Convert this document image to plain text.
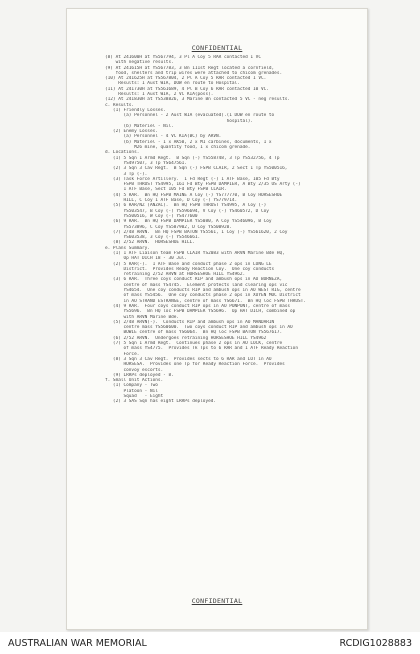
CONFIDENTIAL
(8) At 241600H at YS567794, 3 Pl A Coy 5 RAR contacted 1 VC
with negative results.
(9) At 241615H at YS567783, 3 Bn 111st Regt located a cornfield,
food, shelters and trip wires were attached to chicom grenades.
(10) At 241625H at YS567804, 2 Pl A Coy 5 RAR contacted 1 VC.
Results: 1 Aust WIA, DOW en route to Hospital.
(11) At 241730H at YS561689, 4 Pl B Coy 6 RAR contacted 10 VC.
Results: 1 Aust WIA, 2 VC KIA(poss).
(12) At 241830H at YS538826, 3 Marine Bn contacted 5 VC - neg results.
c. Results.
(1) Friendly Losses.
(a) Personnel - 2 Aust WIA (evacuated).(1 DOW en route to
hospital).
(b) Materiel - Nil.
(2) Enemy Losses.
(a) Personnel - 4 VC KIA(BC) by ARVN.
(b) Materiel - 1 x AK50, 2 x M1 carbines, documents, 1 x
M26 mine, quantity food, 1 x chicom grenade.
d. Locations.
(1) 5 Sqn 1 Armd Regt.  B Sqn (-) YS558748, 3 Tp YS532756, 4 Tp
YS497507, 3 Tp YS647561.
(2) 3 Sqn 3 Cav Regt.  B Sqn (-) FSPB CLAIR, 2 Sect 1 Tp YS500516,
3 Tp (-).
(3) Task Force Artillery.  1 Fd Regt (-) 1 ATF Base, 105 Fd Bty
FSPB THRUST YS4995, 161 Fd Bty FSPB DAMPIER, A Bty 2/35 US Arty (-)
1 ATF Base, Sect 105 Fd Bty FSPB CLAIR.
(4) 5 RAR.  Bn HQ FSPB MAINE A Coy (-) YS777770, B Coy HORSESHOE
HILL, C Coy 1 ATF Base, D Coy (-) YS779714.
(5) 6 RAR/NZ (ANZAC).  Bn HQ FSPB THRUST YS4995, A Coy (-)
YS503547, B Coy (-) YS596694, V Coy (-) YS460572, D Coy
YS500516, W Coy (-) YS477600
(6) 9 RAR.  Bn HQ FSPB DAMPIER YS5080, A Coy YS546096, B Coy
YS573896, C Coy YS587902, D Coy YS500920.
(7) 2/48 ARVN.  Bn HQ FSPB BATON YS5561, 1 Coy (-) YS561620, 2 Coy
YS603538, 3 Coy (-) YS546661.
(8) 2/52 ARVN.  HORSESHOE HILL.
e. Plans Summary.
(1) 1 ATF Liaison team FSPB CLAIR YS2083 with ARVN Marine Bde HQ,
Op HAT DICH 18 - 30 Jul.
(2) 5 RAR(-).  1 ATF Base and conduct phase 2 ops in LONG LE
District.  Provides Ready Reaction Coy.  One coy conducts
retraining 2/52 ARVN at HORSESHOE HILL YS4962.
(3) 6 RAR.  Three coys conduct RIP and ambush ops in AO BORNEZA,
centre of mass YS4745.  Element protects land clearing ops vic
YS4654.  One coy conducts RIP and ambush ops in AO WEST RIG, centre
of mass YS5456.  One coy conducts phase 2 ops in XUYEN MOC District
in AO STRAND ESTRANGE, centre of mass YS6671.  Bn HQ loc FSPB THRUST.
(4) 9 RAR.  Four coys conduct RIP ops in AO PONPONT, centre of mass
YS5696.  Bn HQ loc FSPB DAMPIER YS5696.  Op HAT DICH, combined op
with ARVN Marine Bde.
(5) 2/48 ARVN(-).  Conducts RIP and ambush ops in AO MANDARIN
centre mass YS560600.  Two coys conduct RIP and ambush ops in AO
BOWIE centre of mass YS6064.  Bn HQ loc FSPB BATON YS567617.
(6) 2/52 ARVN.  Undergoes retraining HORSESHOE HILL YS4962
(7) 5 Sqn 1 Armd Regt.  Continues phase 2 ops in AO LOCK, centre
of mass YS4775.  Provides Tk Tps to 6 RAR and 1 ATF Ready Reaction
Force.
(8) 3 Sqn 3 Cav Regt.  Provides sects to 6 RAR and LOT in AO
HORSESA.  Provides one Tp for Ready Reaction Force.  Provides
convoy escorts.
(9) LRRPs deployed - 8.
f. Small Unit Actions.
(1) Company - Two
Platoon - Nil
Squad   - Eight
(2) 3 SAS Sqn has eight LRRPs deployed.
CONFIDENTIAL
AUSTRALIAN WAR MEMORIAL	RCDIG1028883
